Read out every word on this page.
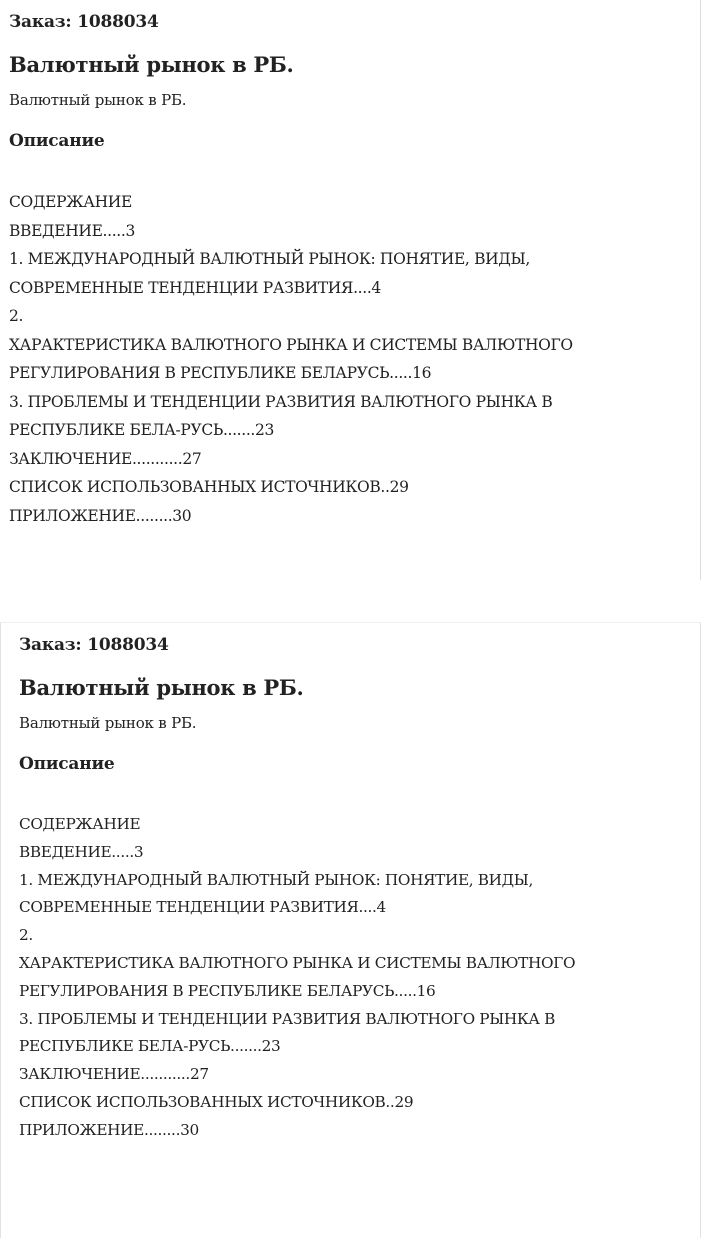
Заказ: 1088034

Валютный рынок в РБ.

Валютный рынок в РБ.

Описание
СОДЕРЖАНИЕ
ВВЕДЕНИЕ.....3
1. МЕЖДУНАРОДНЫЙ ВАЛЮТНЫЙ РЫНОК: ПОНЯТИЕ, ВИДЫ,
СОВРЕМЕННЫЕ ТЕНДЕНЦИИ РАЗВИТИЯ....4
2.
ХАРАКТЕРИСТИКА ВАЛЮТНОГО РЫНКА И СИСТЕМЫ ВАЛЮТНОГО
РЕГУЛИРОВАНИЯ В РЕСПУБЛИКЕ БЕЛАРУСЬ.....16
3. ПРОБЛЕМЫ И ТЕНДЕНЦИИ РАЗВИТИЯ ВАЛЮТНОГО РЫНКА В
РЕСПУБЛИКЕ БЕЛА-РУСЬ.......23
ЗАКЛЮЧЕНИЕ...........27
СПИСОК ИСПОЛЬЗОВАННЫХ ИСТОЧНИКОВ..29
ПРИЛОЖЕНИЕ........30

Заказ: 1088034

Валютный рынок в РБ.

Валютный рынок в РБ.

Описание
СОДЕРЖАНИЕ
ВВЕДЕНИЕ.....3
1. МЕЖДУНАРОДНЫЙ ВАЛЮТНЫЙ РЫНОК: ПОНЯТИЕ, ВИДЫ,
СОВРЕМЕННЫЕ ТЕНДЕНЦИИ РАЗВИТИЯ....4
2.
ХАРАКТЕРИСТИКА ВАЛЮТНОГО РЫНКА И СИСТЕМЫ ВАЛЮТНОГО
РЕГУЛИРОВАНИЯ В РЕСПУБЛИКЕ БЕЛАРУСЬ.....16
3. ПРОБЛЕМЫ И ТЕНДЕНЦИИ РАЗВИТИЯ ВАЛЮТНОГО РЫНКА В
РЕСПУБЛИКЕ БЕЛА-РУСЬ.......23
ЗАКЛЮЧЕНИЕ...........27
СПИСОК ИСПОЛЬЗОВАННЫХ ИСТОЧНИКОВ..29
ПРИЛОЖЕНИЕ........30
